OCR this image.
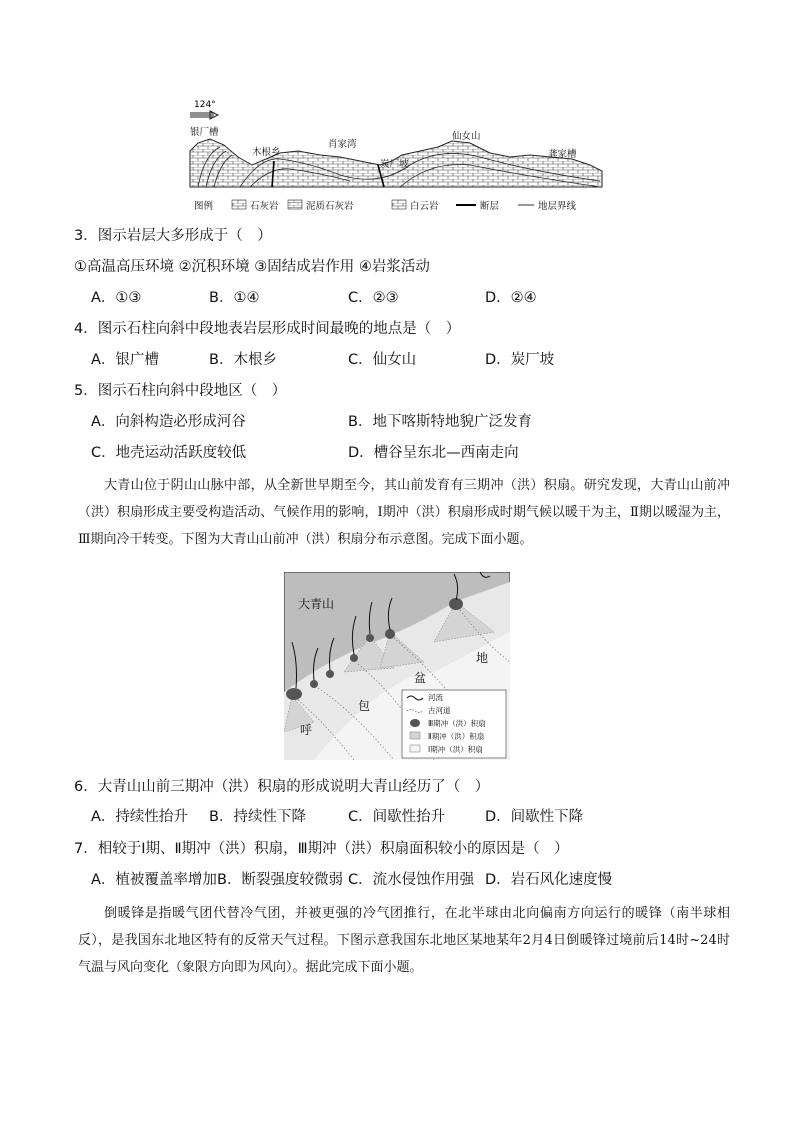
124°
银厂槽
木根乡
肖家湾
炭厂坡
仙女山
龚家槽
图例	石灰岩	泥质石灰岩	白云岩	断层	地层界线
3．图示岩层大多形成于（　）
①高温高压环境 ②沉积环境 ③固结成岩作用 ④岩浆活动
A．①③	B．①④	C．②③	D．②④
4．图示石柱向斜中段地表岩层形成时间最晚的地点是（　）
A．银广槽	B．木根乡	C．仙女山	D．炭厂坡
5．图示石柱向斜中段地区（　）
A．向斜构造必形成河谷	B．地下喀斯特地貌广泛发育
C．地壳运动活跃度较低	D．槽谷呈东北—西南走向
大青山位于阴山山脉中部，从全新世早期至今，其山前发育有三期冲（洪）积扇。研究发现，大青山山前冲（洪）积扇形成主要受构造活动、气候作用的影响，Ⅰ期冲（洪）积扇形成时期气候以暖干为主，Ⅱ期以暖湿为主，Ⅲ期向冷干转变。下图为大青山山前冲（洪）积扇分布示意图。完成下面小题。
大青山
地
盆
包
呼
河流
古河道
Ⅲ期冲（洪）积扇
Ⅱ期冲（洪）积扇
Ⅰ期冲（洪）积扇
6．大青山山前三期冲（洪）积扇的形成说明大青山经历了（　）
A．持续性抬升 B．持续性下降	C．间歇性抬升	D．间歇性下降
7．相较于Ⅰ期、Ⅱ期冲（洪）积扇，Ⅲ期冲（洪）积扇面积较小的原因是（　）
A．植被覆盖率增加 B．断裂强度较微弱 C．流水侵蚀作用强 D．岩石风化速度慢
倒暖锋是指暖气团代替冷气团，并被更强的冷气团推行，在北半球由北向偏南方向运行的暖锋（南半球相反），是我国东北地区特有的反常天气过程。下图示意我国东北地区某地某年2月4日倒暖锋过境前后14时~24时气温与风向变化（象限方向即为风向）。据此完成下面小题。
